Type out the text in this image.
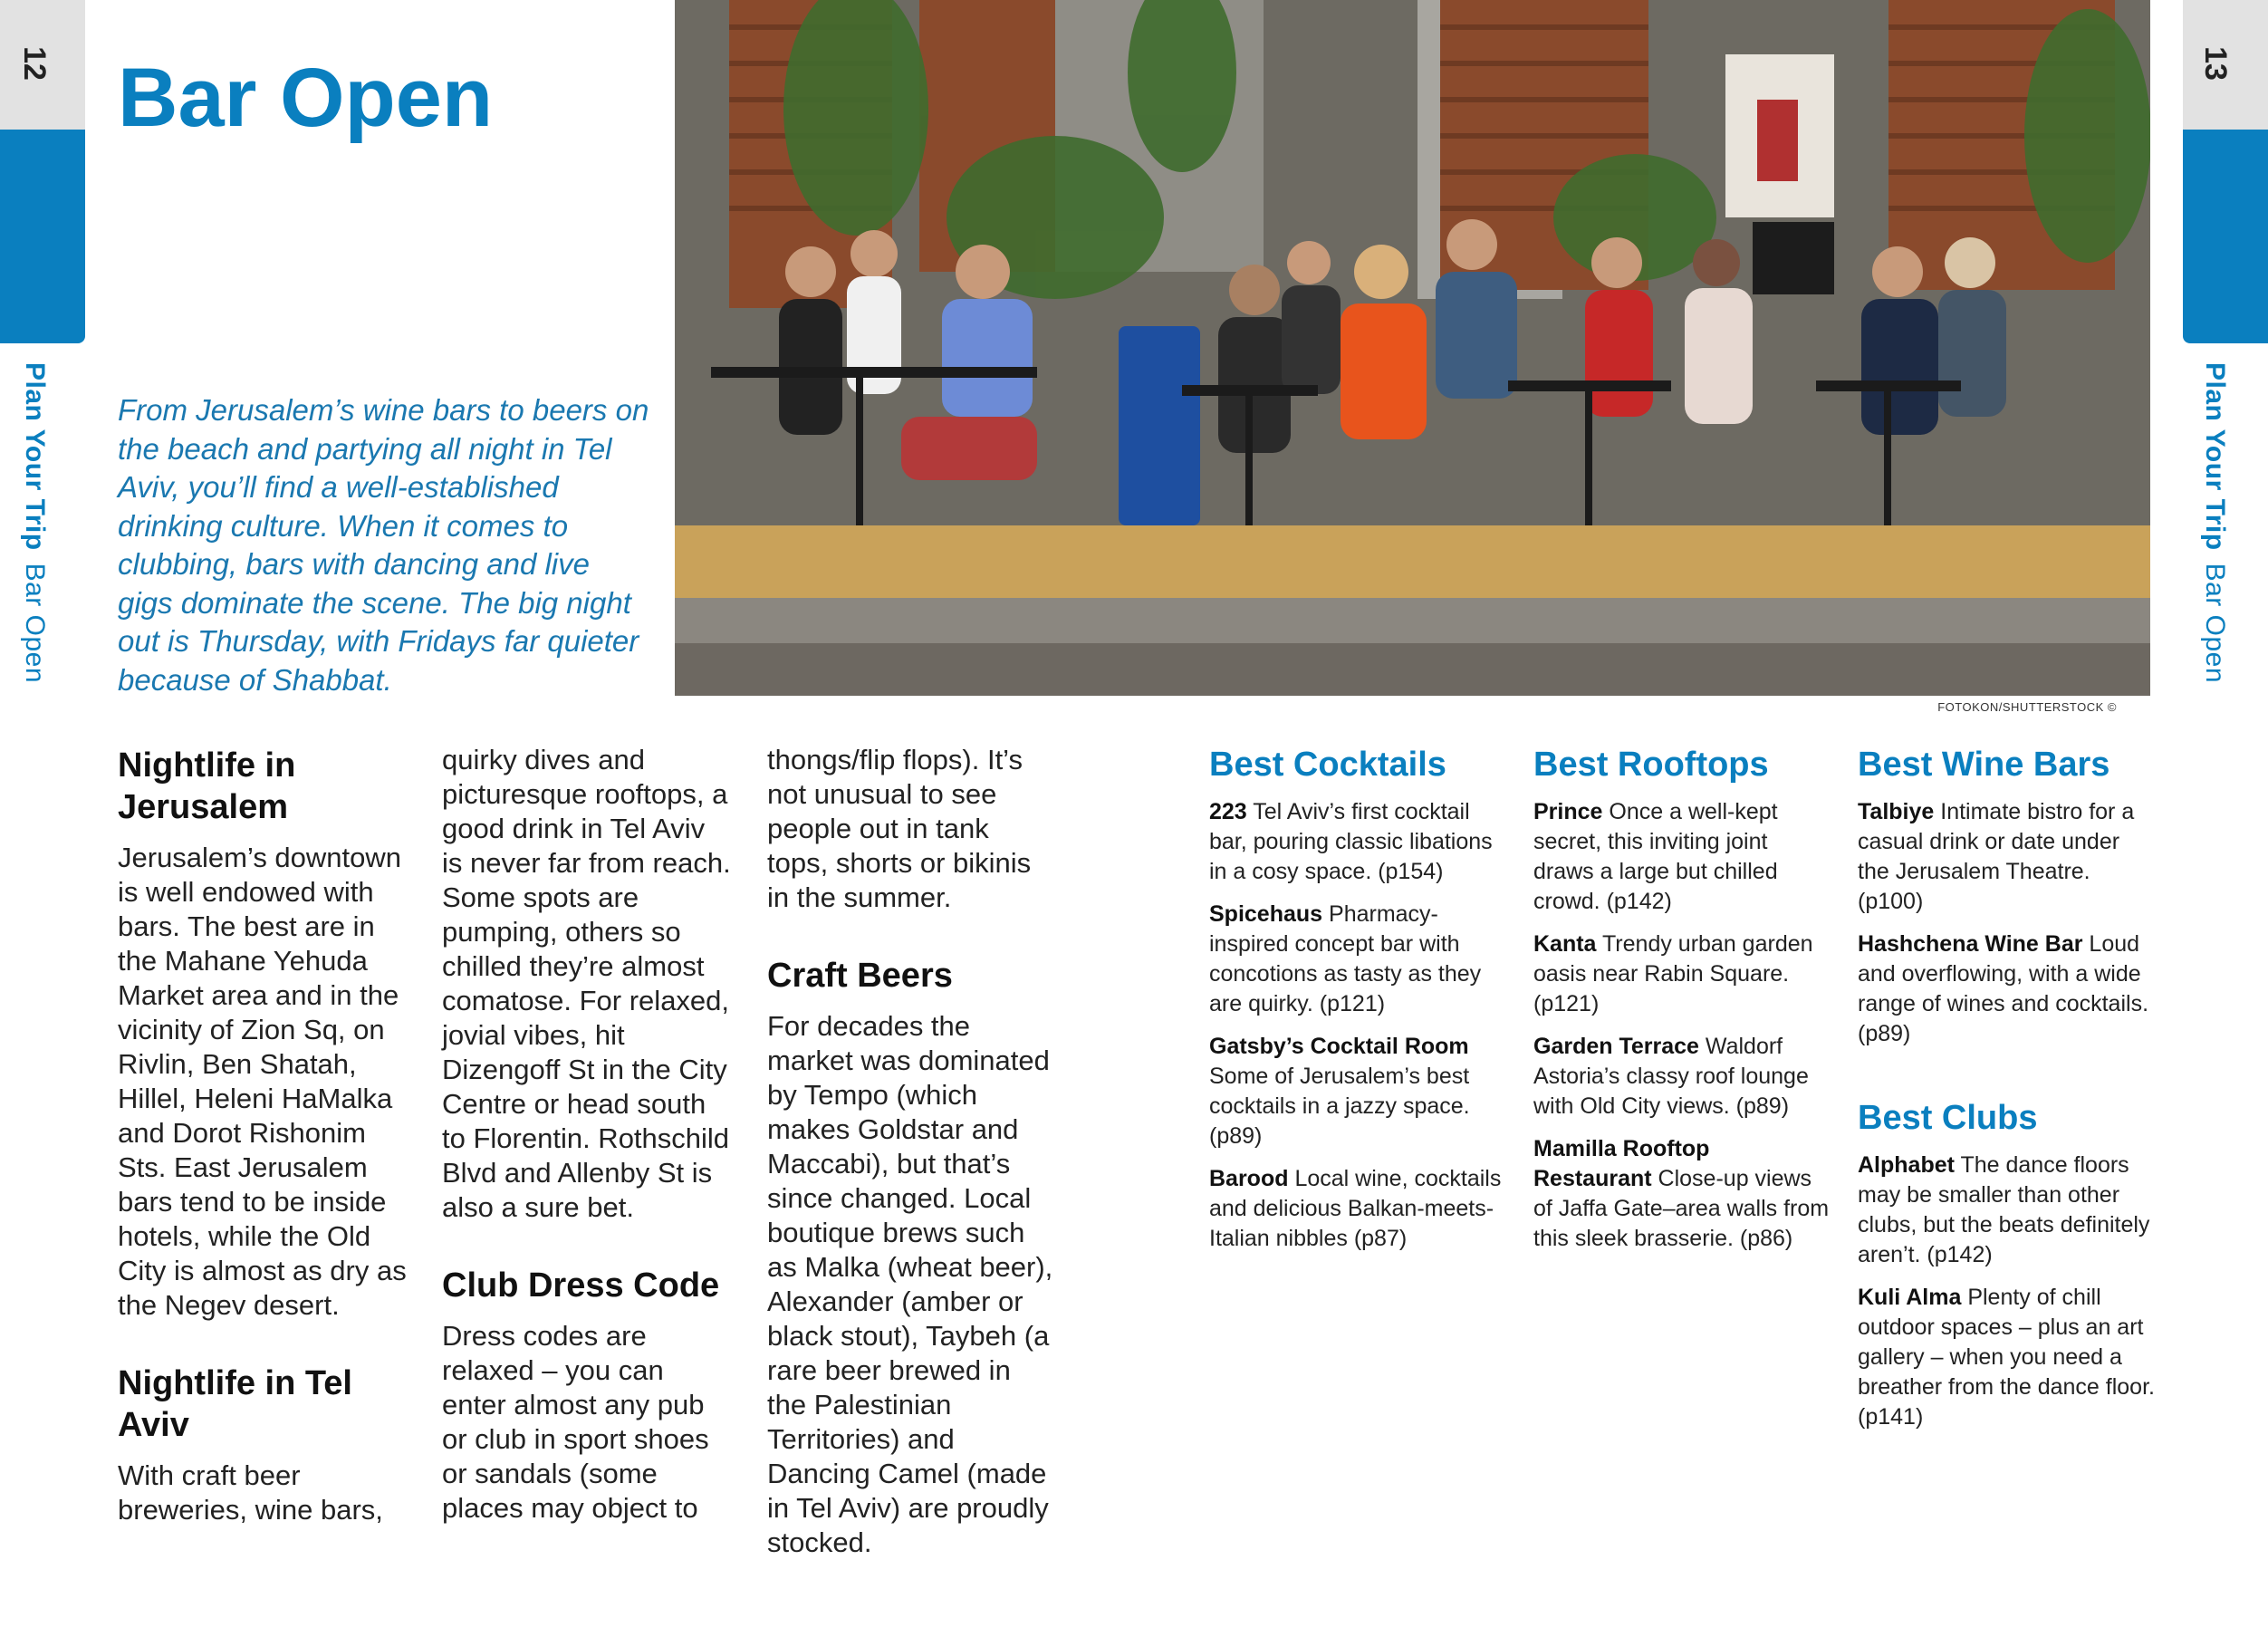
12
Plan Your TripBar Open
13
Plan Your TripBar Open
Bar Open

From Jerusalem’s wine bars to beers on the beach and partying all night in Tel Aviv, you’ll find a well-established drinking culture. When it comes to clubbing, bars with dancing and live gigs dominate the scene. The big night out is Thursday, with Fridays far quieter because of Shabbat.

FOTOKON/SHUTTERSTOCK ©
Nightlife in Jerusalem

Jerusalem’s downtown is well endowed with bars. The best are in the Mahane Yehuda Market area and in the vicinity of Zion Sq, on Rivlin, Ben Shatah, Hillel, Heleni HaMalka and Dorot Rishonim Sts. East Jerusalem bars tend to be inside hotels, while the Old City is almost as dry as the Negev desert.

Nightlife in Tel Aviv

With craft beer breweries, wine bars,

quirky dives and picturesque rooftops, a good drink in Tel Aviv is never far from reach. Some spots are pumping, others so chilled they’re almost comatose. For relaxed, jovial vibes, hit Dizengoff St in the City Centre or head south to Florentin. Rothschild Blvd and Allenby St is also a sure bet.

Club Dress Code

Dress codes are relaxed – you can enter almost any pub or club in sport shoes or sandals (some places may object to

thongs/flip flops). It’s not unusual to see people out in tank tops, shorts or bikinis in the summer.

Craft Beers

For decades the market was dominated by Tempo (which makes Goldstar and Maccabi), but that’s since changed. Local boutique brews such as Malka (wheat beer), Alexander (amber or black stout), Taybeh (a rare beer brewed in the Palestinian Territories) and Dancing Camel (made in Tel Aviv) are proudly stocked.

Best Cocktails

223 Tel Aviv’s first cocktail bar, pouring classic libations in a cosy space. (p154)

Spicehaus Pharmacy-inspired concept bar with concotions as tasty as they are quirky. (p121)

Gatsby’s Cocktail Room Some of Jerusalem’s best cocktails in a jazzy space. (p89)

Barood Local wine, cocktails and delicious Balkan-meets-Italian nibbles (p87)

Best Rooftops

Prince Once a well-kept secret, this inviting joint draws a large but chilled crowd. (p142)

Kanta Trendy urban garden oasis near Rabin Square. (p121)

Garden Terrace Waldorf Astoria’s classy roof lounge with Old City views. (p89)

Mamilla Rooftop Restaurant Close-up views of Jaffa Gate–area walls from this sleek brasserie. (p86)

Best Wine Bars

Talbiye Intimate bistro for a casual drink or date under the Jerusalem Theatre. (p100)

Hashchena Wine Bar Loud and overflowing, with a wide range of wines and cocktails. (p89)

Best Clubs

Alphabet The dance floors may be smaller than other clubs, but the beats definitely aren’t. (p142)

Kuli Alma Plenty of chill outdoor spaces – plus an art gallery – when you need a breather from the dance floor. (p141)
